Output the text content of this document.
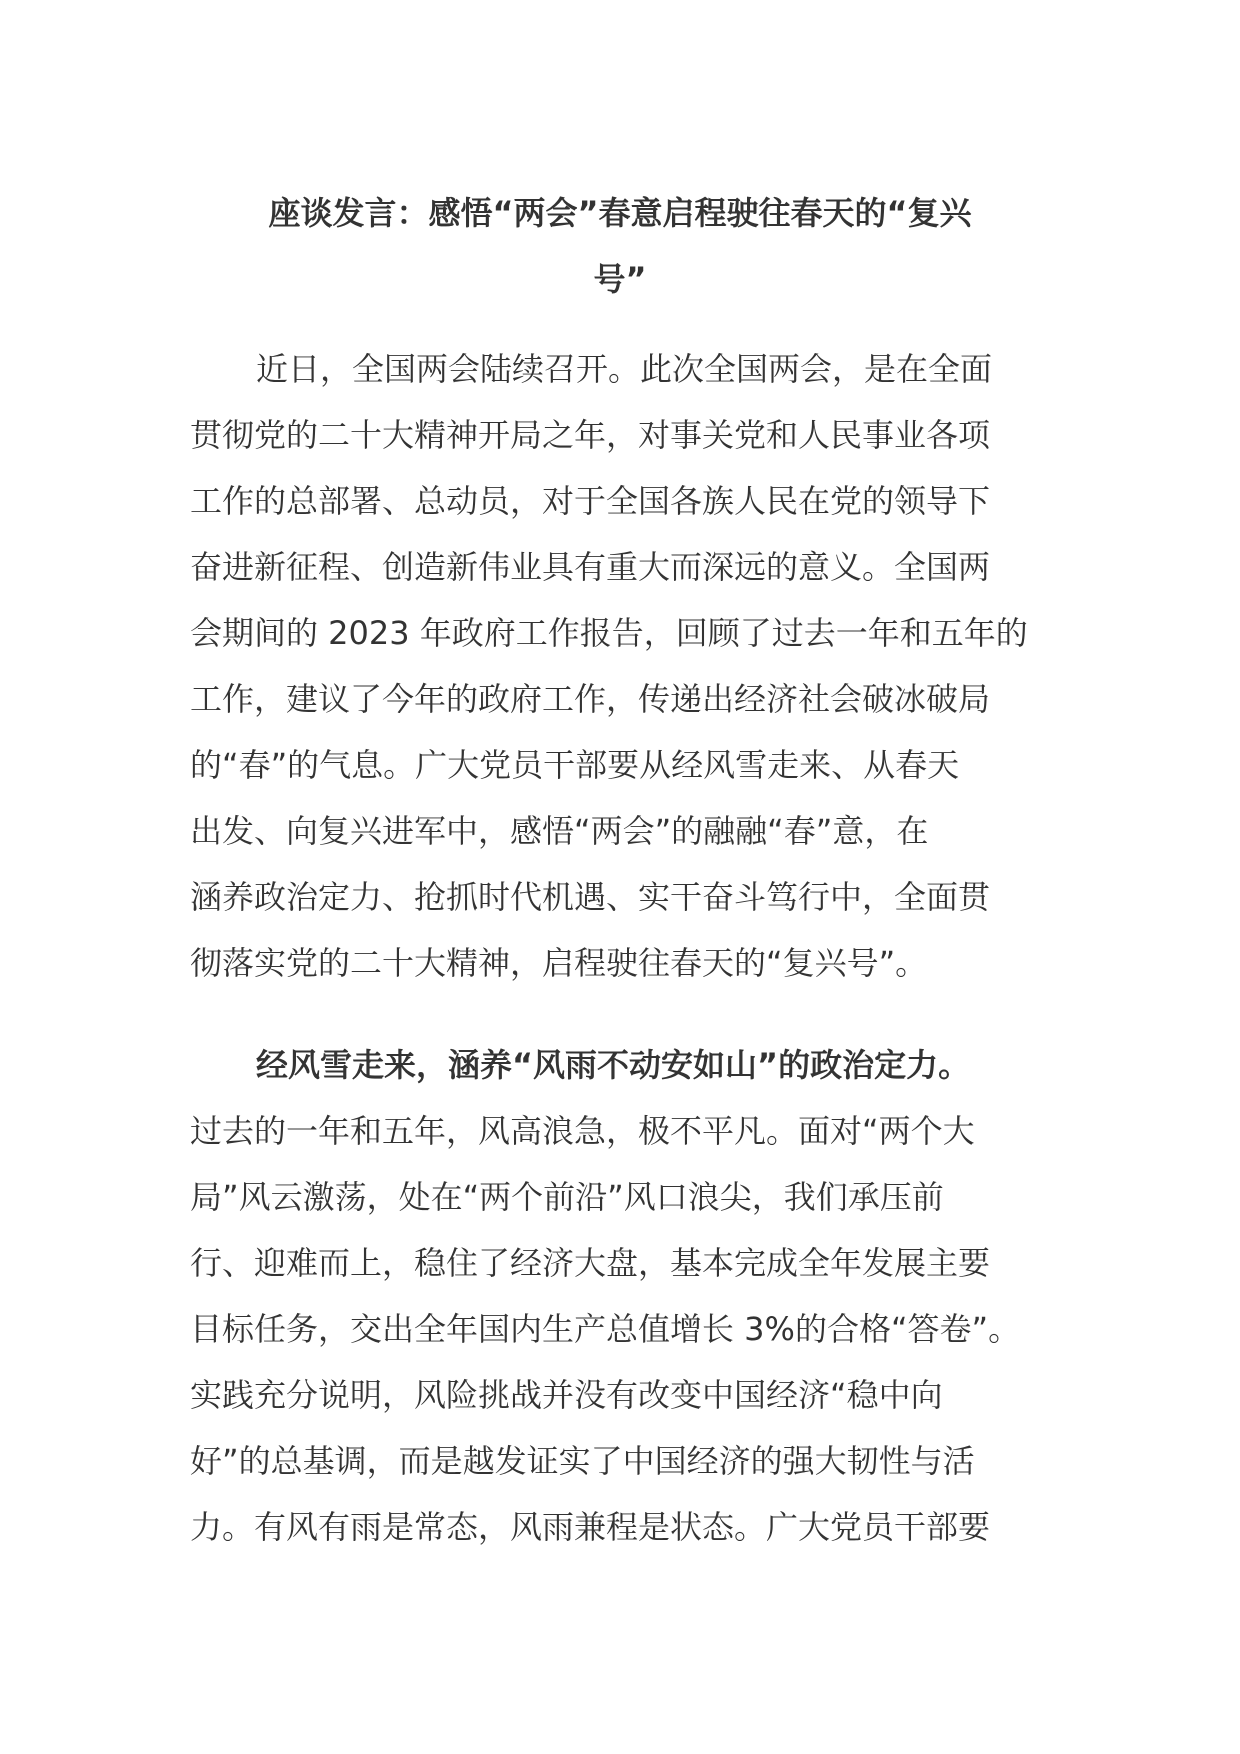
座谈发言：感悟“两会”春意启程驶往春天的“复兴
号”
近日，全国两会陆续召开。此次全国两会，是在全面
贯彻党的二十大精神开局之年，对事关党和人民事业各项
工作的总部署、总动员，对于全国各族人民在党的领导下
奋进新征程、创造新伟业具有重大而深远的意义。全国两
会期间的 2023 年政府工作报告，回顾了过去一年和五年的
工作，建议了今年的政府工作，传递出经济社会破冰破局
的“春”的气息。广大党员干部要从经风雪走来、从春天
出发、向复兴进军中，感悟“两会”的融融“春”意，在
涵养政治定力、抢抓时代机遇、实干奋斗笃行中，全面贯
彻落实党的二十大精神，启程驶往春天的“复兴号”。
经风雪走来，涵养“风雨不动安如山”的政治定力。
过去的一年和五年，风高浪急，极不平凡。面对“两个大
局”风云激荡，处在“两个前沿”风口浪尖，我们承压前
行、迎难而上，稳住了经济大盘，基本完成全年发展主要
目标任务，交出全年国内生产总值增长 3%的合格“答卷”。
实践充分说明，风险挑战并没有改变中国经济“稳中向
好”的总基调，而是越发证实了中国经济的强大韧性与活
力。有风有雨是常态，风雨兼程是状态。广大党员干部要
